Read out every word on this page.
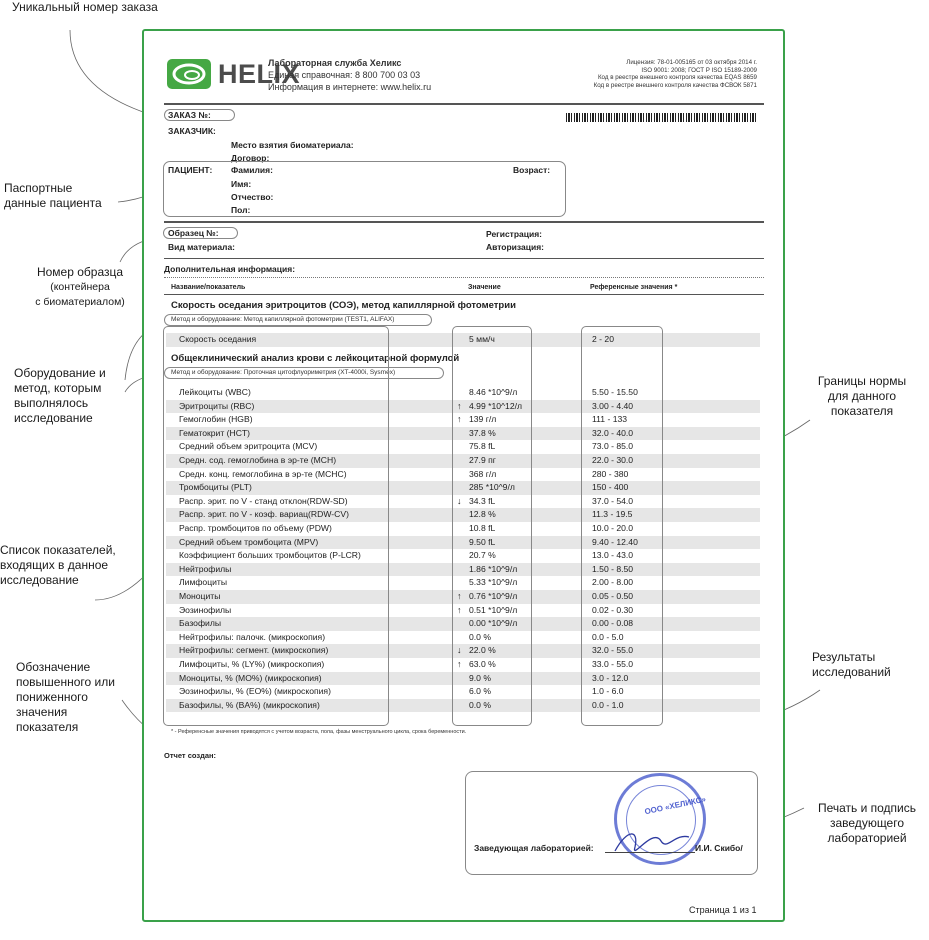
Уникальный номер заказа
Паспортные
данные пациента
Номер образца
(контейнера
с биоматериалом)
Оборудование и
метод, которым
выполнялось
исследование
Список показателей,
входящих в данное
исследование
Обозначение
повышенного или
пониженного
значения
показателя
Границы нормы
для данного
показателя
Результаты
исследований
Печать и подпись
заведующего
лабораторией
HELIX
Лабораторная служба Хеликс
Единая справочная: 8 800 700 03 03
Информация в интернете: www.helix.ru
Лицензия: 78-01-005165 от 03 октября 2014 г.
ISO 9001: 2008; ГОСТ Р ISO 15189-2009
Код в реестре внешнего контроля качества EQAS 8659
Код в реестре внешнего контроля качества ФСВОК 5871
ЗАКАЗ №:
ЗАКАЗЧИК:
Место взятия биоматериала:
Договор:
ПАЦИЕНТ: Фамилия:
Имя:
Отчество:
Пол:
Возраст:
Образец №:
Вид материала:
Регистрация:
Авторизация:
Дополнительная информация:
Название/показатель	Значение	Референсные значения *
Скорость оседания эритроцитов (СОЭ), метод капиллярной фотометрии
Метод и оборудование: Метод капиллярной фотометрии (TEST1, ALIFAX)
Скорость оседания	5 мм/ч	2 - 20
Общеклинический анализ крови с лейкоцитарной формулой
Метод и оборудование: Проточная цитофлуориметрия (XT-4000i, Sysmex)
Лейкоциты (WBC)	8.46 *10^9/л	5.50 - 15.50
Эритроциты (RBC)	↑ 4.99 *10^12/л	3.00 - 4.40
Гемоглобин (HGB)	↑ 139 г/л	111 - 133
Гематокрит (HCT)	37.8 %	32.0 - 40.0
Средний объем эритроцита (MCV)	75.8 fL	73.0 - 85.0
Средн. сод. гемоглобина в эр-те (MCH)	27.9 пг	22.0 - 30.0
Средн. конц. гемоглобина в эр-те (MCHC)	368 г/л	280 - 380
Тромбоциты (PLT)	285 *10^9/л	150 - 400
Распр. эрит. по V - станд отклон(RDW-SD)	↓ 34.3 fL	37.0 - 54.0
Распр. эрит. по V - коэф. вариац(RDW-CV)	12.8 %	11.3 - 19.5
Распр. тромбоцитов по объему (PDW)	10.8 fL	10.0 - 20.0
Средний объем тромбоцита (MPV)	9.50 fL	9.40 - 12.40
Коэффициент больших тромбоцитов (P-LCR)	20.7 %	13.0 - 43.0
Нейтрофилы	1.86 *10^9/л	1.50 - 8.50
Лимфоциты	5.33 *10^9/л	2.00 - 8.00
Моноциты	↑ 0.76 *10^9/л	0.05 - 0.50
Эозинофилы	↑ 0.51 *10^9/л	0.02 - 0.30
Базофилы	0.00 *10^9/л	0.00 - 0.08
Нейтрофилы: палочк. (микроскопия)	0.0 %	0.0 - 5.0
Нейтрофилы: сегмент. (микроскопия)	↓ 22.0 %	32.0 - 55.0
Лимфоциты, % (LY%) (микроскопия)	↑ 63.0 %	33.0 - 55.0
Моноциты, % (MO%) (микроскопия)	9.0 %	3.0 - 12.0
Эозинофилы, % (EO%) (микроскопия)	6.0 %	1.0 - 6.0
Базофилы, % (BA%) (микроскопия)	0.0 %	0.0 - 1.0
* - Референсные значения приводятся с учетом возраста, пола, фазы менструального цикла, срока беременности.
Отчет создан:
ООО «ХЕЛИКС»
Заведующая лабораторией:	И.И. Скибо/
Страница 1 из 1
